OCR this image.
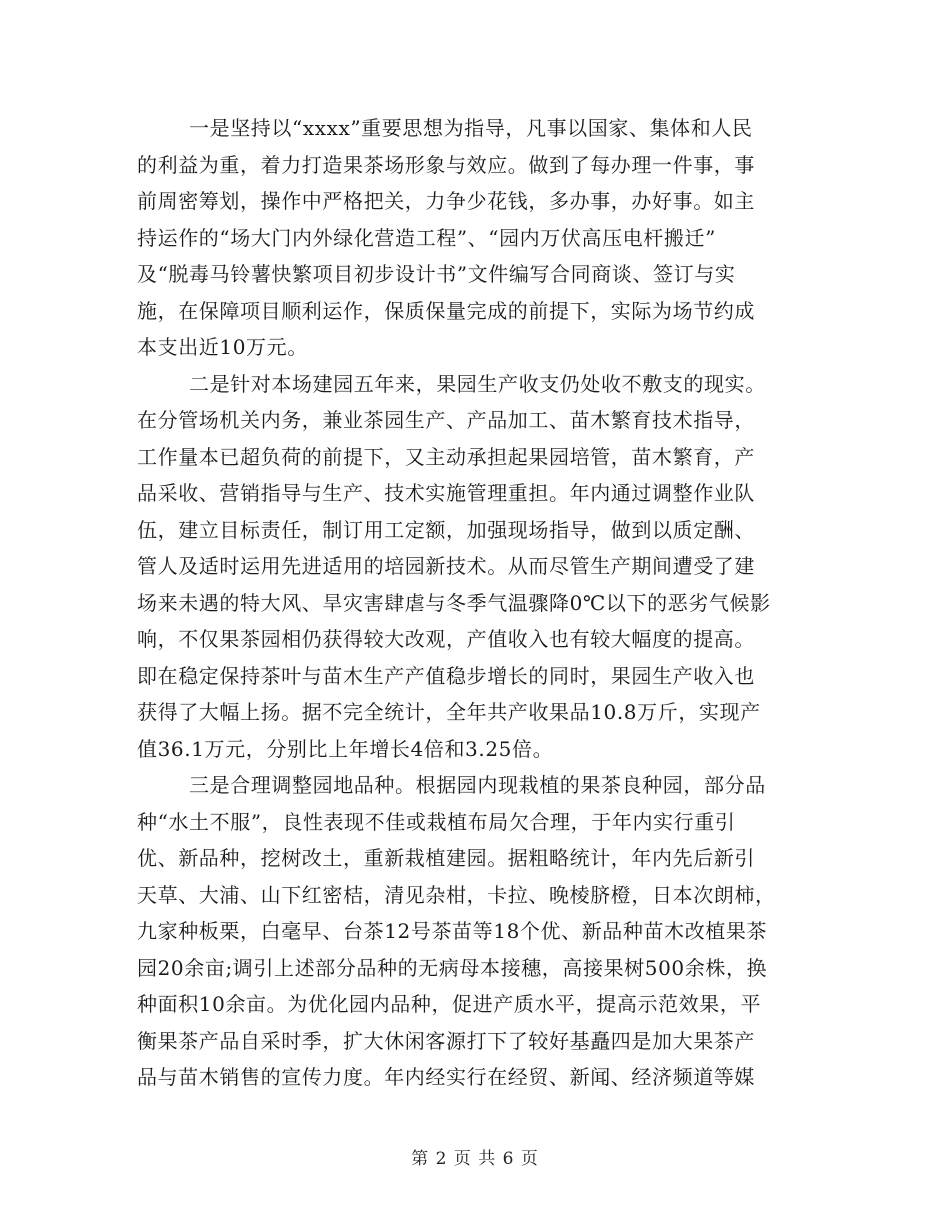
一是坚持以“xxxx”重要思想为指导，凡事以国家、集体和人民
的利益为重，着力打造果茶场形象与效应。做到了每办理一件事，事
前周密筹划，操作中严格把关，力争少花钱，多办事，办好事。如主
持运作的“场大门内外绿化营造工程”、“园内万伏高压电杆搬迁”
及“脱毒马铃薯快繁项目初步设计书”文件编写合同商谈、签订与实
施，在保障项目顺利运作，保质保量完成的前提下，实际为场节约成
本支出近10万元。
二是针对本场建园五年来，果园生产收支仍处收不敷支的现实。
在分管场机关内务，兼业茶园生产、产品加工、苗木繁育技术指导，
工作量本已超负荷的前提下，又主动承担起果园培管，苗木繁育，产
品采收、营销指导与生产、技术实施管理重担。年内通过调整作业队
伍，建立目标责任，制订用工定额，加强现场指导，做到以质定酬、
管人及适时运用先进适用的培园新技术。从而尽管生产期间遭受了建
场来未遇的特大风、旱灾害肆虐与冬季气温骤降0℃以下的恶劣气候影
响，不仅果茶园相仍获得较大改观，产值收入也有较大幅度的提高。
即在稳定保持茶叶与苗木生产产值稳步增长的同时，果园生产收入也
获得了大幅上扬。据不完全统计，全年共产收果品10.8万斤，实现产
值36.1万元，分别比上年增长4倍和3.25倍。
三是合理调整园地品种。根据园内现栽植的果茶良种园，部分品
种“水土不服”，良性表现不佳或栽植布局欠合理，于年内实行重引
优、新品种，挖树改土，重新栽植建园。据粗略统计，年内先后新引
天草、大浦、山下红密桔，清见杂柑，卡拉、晚棱脐橙，日本次朗柿，
九家种板栗，白毫早、台茶12号茶苗等18个优、新品种苗木改植果茶
园20余亩;调引上述部分品种的无病母本接穗，高接果树500余株，换
种面积10余亩。为优化园内品种，促进产质水平，提高示范效果，平
衡果茶产品自采时季，扩大休闲客源打下了较好基矗四是加大果茶产
品与苗木销售的宣传力度。年内经实行在经贸、新闻、经济频道等媒
第 2 页 共 6 页
